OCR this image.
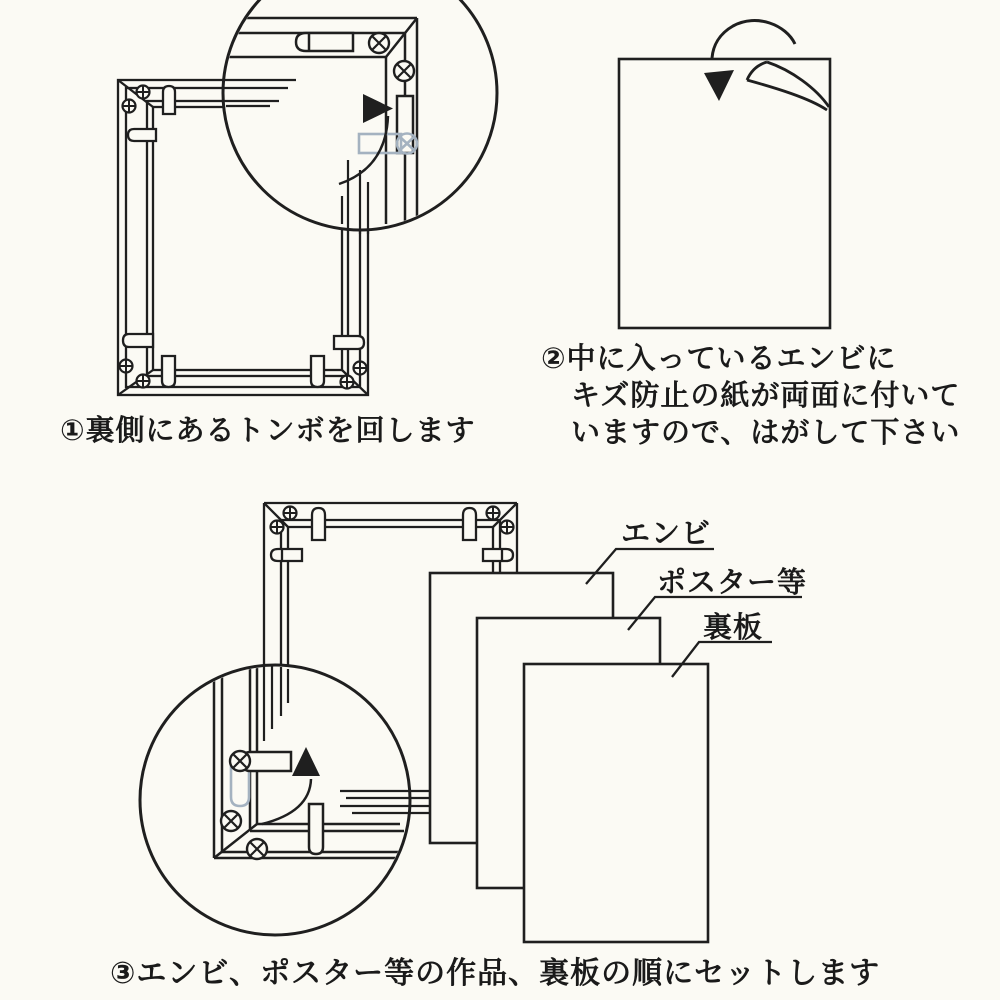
①裏側にあるトンボを回します
②中に入っているエンビに
キズ防止の紙が両面に付いて
いますので、はがして下さい
③エンビ、ポスター等の作品、裏板の順にセットします
エンビ
ポスター等
裏板
